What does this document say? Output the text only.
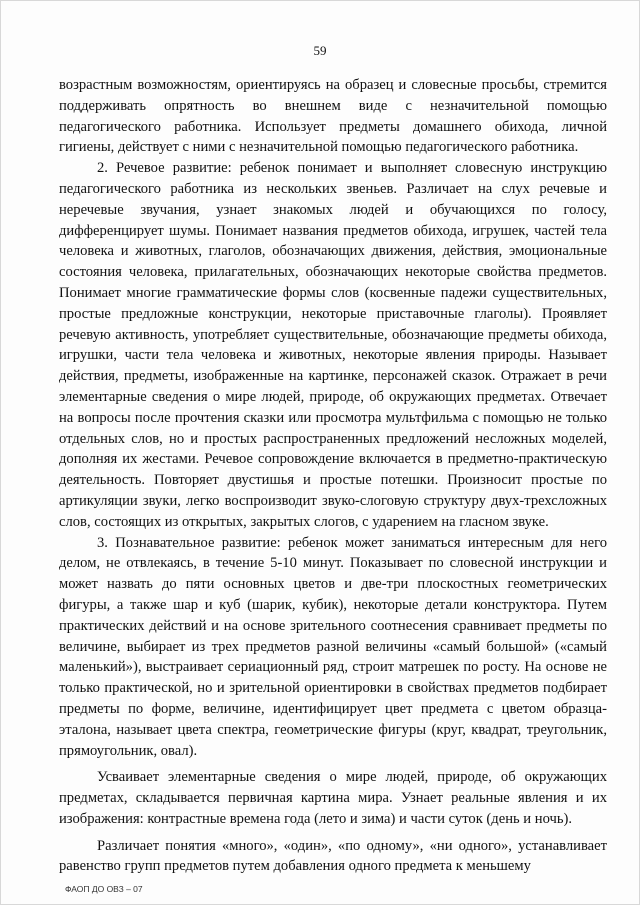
59

возрастным возможностям, ориентируясь на образец и словесные просьбы, стремится поддерживать опрятность во внешнем виде с незначительной помощью педагогического работника. Использует предметы домашнего обихода, личной гигиены, действует с ними с незначительной помощью педагогического работника.

2. Речевое развитие: ребенок понимает и выполняет словесную инструкцию педагогического работника из нескольких звеньев. Различает на слух речевые и неречевые звучания, узнает знакомых людей и обучающихся по голосу, дифференцирует шумы. Понимает названия предметов обихода, игрушек, частей тела человека и животных, глаголов, обозначающих движения, действия, эмоциональные состояния человека, прилагательных, обозначающих некоторые свойства предметов. Понимает многие грамматические формы слов (косвенные падежи существительных, простые предложные конструкции, некоторые приставочные глаголы). Проявляет речевую активность, употребляет существительные, обозначающие предметы обихода, игрушки, части тела человека и животных, некоторые явления природы. Называет действия, предметы, изображенные на картинке, персонажей сказок. Отражает в речи элементарные сведения о мире людей, природе, об окружающих предметах. Отвечает на вопросы после прочтения сказки или просмотра мультфильма с помощью не только отдельных слов, но и простых распространенных предложений несложных моделей, дополняя их жестами. Речевое сопровождение включается в предметно-практическую деятельность. Повторяет двустишья и простые потешки. Произносит простые по артикуляции звуки, легко воспроизводит звуко-слоговую структуру двух-трехсложных слов, состоящих из открытых, закрытых слогов, с ударением на гласном звуке.

3. Познавательное развитие: ребенок может заниматься интересным для него делом, не отвлекаясь, в течение 5-10 минут. Показывает по словесной инструкции и может назвать до пяти основных цветов и две-три плоскостных геометрических фигуры, а также шар и куб (шарик, кубик), некоторые детали конструктора. Путем практических действий и на основе зрительного соотнесения сравнивает предметы по величине, выбирает из трех предметов разной величины «самый большой» («самый маленький»), выстраивает сериационный ряд, строит матрешек по росту. На основе не только практической, но и зрительной ориентировки в свойствах предметов подбирает предметы по форме, величине, идентифицирует цвет предмета с цветом образца-эталона, называет цвета спектра, геометрические фигуры (круг, квадрат, треугольник, прямоугольник, овал).

Усваивает элементарные сведения о мире людей, природе, об окружающих предметах, складывается первичная картина мира. Узнает реальные явления и их изображения: контрастные времена года (лето и зима) и части суток (день и ночь).

Различает понятия «много», «один», «по одному», «ни одного», устанавливает равенство групп предметов путем добавления одного предмета к меньшему

ФАОП ДО ОВЗ – 07
